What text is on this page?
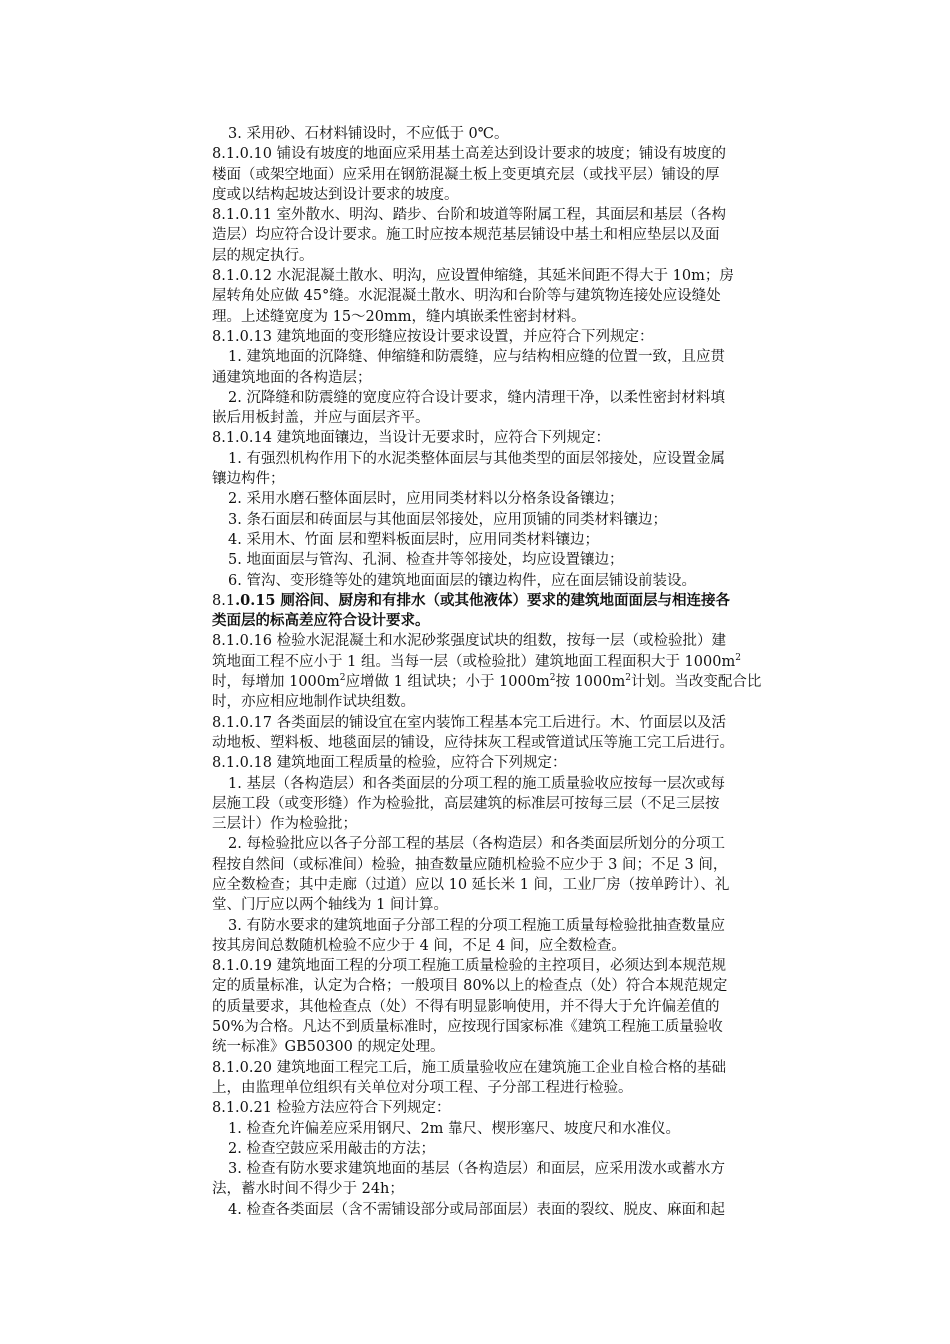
3. 采用砂、石材料铺设时，不应低于 0℃。
8.1.0.10 铺设有坡度的地面应采用基土高差达到设计要求的坡度；铺设有坡度的
楼面（或架空地面）应采用在钢筋混凝土板上变更填充层（或找平层）铺设的厚
度或以结构起坡达到设计要求的坡度。
8.1.0.11 室外散水、明沟、踏步、台阶和坡道等附属工程，其面层和基层（各构
造层）均应符合设计要求。施工时应按本规范基层铺设中基土和相应垫层以及面
层的规定执行。
8.1.0.12 水泥混凝土散水、明沟，应设置伸缩缝，其延米间距不得大于 10m；房
屋转角处应做 45°缝。水泥混凝土散水、明沟和台阶等与建筑物连接处应设缝处
理。上述缝宽度为 15～20mm，缝内填嵌柔性密封材料。
8.1.0.13 建筑地面的变形缝应按设计要求设置，并应符合下列规定：
1. 建筑地面的沉降缝、伸缩缝和防震缝，应与结构相应缝的位置一致，且应贯
通建筑地面的各构造层；
2. 沉降缝和防震缝的宽度应符合设计要求，缝内清理干净，以柔性密封材料填
嵌后用板封盖，并应与面层齐平。
8.1.0.14 建筑地面镶边，当设计无要求时，应符合下列规定：
1. 有强烈机构作用下的水泥类整体面层与其他类型的面层邻接处，应设置金属
镶边构件；
2. 采用水磨石整体面层时，应用同类材料以分格条设备镶边；
3. 条石面层和砖面层与其他面层邻接处，应用顶铺的同类材料镶边；
4. 采用木、竹面 层和塑料板面层时，应用同类材料镶边；
5. 地面面层与管沟、孔洞、检查井等邻接处，均应设置镶边；
6. 管沟、变形缝等处的建筑地面面层的镶边构件，应在面层铺设前装设。
8.1.0.15 厕浴间、厨房和有排水（或其他液体）要求的建筑地面面层与相连接各
类面层的标高差应符合设计要求。
8.1.0.16 检验水泥混凝土和水泥砂浆强度试块的组数，按每一层（或检验批）建
筑地面工程不应小于 1 组。当每一层（或检验批）建筑地面工程面积大于 $1000m^2$
时，每增加 $1000m^2$应增做 1 组试块；小于 $1000m^2$按 $1000m^2$计划。当改变配合比
时，亦应相应地制作试块组数。
8.1.0.17 各类面层的铺设宜在室内装饰工程基本完工后进行。木、竹面层以及活
动地板、塑料板、地毯面层的铺设，应待抹灰工程或管道试压等施工完工后进行。
8.1.0.18 建筑地面工程质量的检验，应符合下列规定：
1. 基层（各构造层）和各类面层的分项工程的施工质量验收应按每一层次或每
层施工段（或变形缝）作为检验批，高层建筑的标准层可按每三层（不足三层按
三层计）作为检验批；
2. 每检验批应以各子分部工程的基层（各构造层）和各类面层所划分的分项工
程按自然间（或标准间）检验，抽查数量应随机检验不应少于 3 间；不足 3 间，
应全数检查；其中走廊（过道）应以 10 延长米 1 间，工业厂房（按单跨计）、礼
堂、门厅应以两个轴线为 1 间计算。
3. 有防水要求的建筑地面子分部工程的分项工程施工质量每检验批抽查数量应
按其房间总数随机检验不应少于 4 间，不足 4 间，应全数检查。
8.1.0.19 建筑地面工程的分项工程施工质量检验的主控项目，必须达到本规范规
定的质量标准，认定为合格；一般项目 80%以上的检查点（处）符合本规范规定
的质量要求，其他检查点（处）不得有明显影响使用，并不得大于允许偏差值的
50%为合格。凡达不到质量标准时，应按现行国家标准《建筑工程施工质量验收
统一标准》GB50300 的规定处理。
8.1.0.20 建筑地面工程完工后，施工质量验收应在建筑施工企业自检合格的基础
上，由监理单位组织有关单位对分项工程、子分部工程进行检验。
8.1.0.21 检验方法应符合下列规定：
1. 检查允许偏差应采用钢尺、2m 靠尺、楔形塞尺、坡度尺和水准仪。
2. 检查空鼓应采用敲击的方法；
3. 检查有防水要求建筑地面的基层（各构造层）和面层，应采用泼水或蓄水方
法，蓄水时间不得少于 24h；
4. 检查各类面层（含不需铺设部分或局部面层）表面的裂纹、脱皮、麻面和起
